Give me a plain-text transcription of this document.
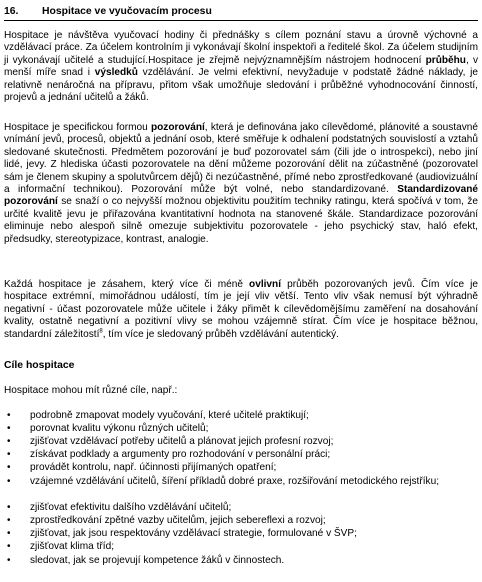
16. Hospitace ve vyučovacím procesu

Hospitace je návštěva vyučovací hodiny či přednášky s cílem poznání stavu a úrovně výchovné a vzdělávací práce. Za účelem kontrolním ji vykonávají školní inspektoři a ředitelé škol. Za účelem studijním ji vykonávají učitelé a studující.Hospitace je zřejmě nejvýznamnějším nástrojem hodnocení průběhu, v menší míře snad i výsledků vzdělávání. Je velmi efektivní, nevyžaduje v podstatě žádné náklady, je relativně nenáročná na přípravu, přitom však umožňuje sledování i průběžné vyhodnocování činností, projevů a jednání učitelů a žáků.

Hospitace je specifickou formou pozorování, která je definována jako cílevědomé, plánovité a soustavné vnímání jevů, procesů, objektů a jednání osob, které směřuje k odhalení podstatných souvislostí a vztahů sledované skutečnosti. Předmětem pozorování je buď pozorovatel sám (čili jde o introspekci), nebo jiní lidé, jevy. Z hlediska účasti pozorovatele na dění můžeme pozorování dělit na zúčastněné (pozorovatel sám je členem skupiny a spolutvůrcem dějů) či nezúčastněné, přímé nebo zprostředkované (audiovizuální a informační technikou). Pozorování může být volné, nebo standardizované. Standardizované pozorování se snaží o co nejvyšší možnou objektivitu použitím techniky ratingu, která spočívá v tom, že určité kvalitě jevu je přiřazována kvantitativní hodnota na stanovené škále. Standardizace pozorování eliminuje nebo alespoň silně omezuje subjektivitu pozorovatele - jeho psychický stav, haló efekt, předsudky, stereotypizace, kontrast, analogie.

Každá hospitace je zásahem, který více či méně ovlivní průběh pozorovaných jevů. Čím více je hospitace extrémní, mimořádnou událostí, tím je její vliv větší. Tento vliv však nemusí být výhradně negativní - účast pozorovatele může učitele i žáky přimět k cílevědomějšímu zaměření na dosahování kvality, ostatně negativní a pozitivní vlivy se mohou vzájemně stírat. Čím více je hospitace běžnou, standardní záležitostí$^8$, tím více je sledovaný průběh vzdělávání autentický.

Cíle hospitace

Hospitace mohou mít různé cíle, např.:

• podrobně zmapovat modely vyučování, které učitelé praktikují;
• porovnat kvalitu výkonu různých učitelů;
• zjišťovat vzdělávací potřeby učitelů a plánovat jejich profesní rozvoj;
• získávat podklady a argumenty pro rozhodování v personální práci;
• provádět kontrolu, např. účinnosti přijímaných opatření;
• vzájemné vzdělávání učitelů, šíření příkladů dobré praxe, rozšiřování metodického rejstříku;
• zjišťovat efektivitu dalšího vzdělávání učitelů;
• zprostředkování zpětné vazby učitelům, jejich sebereflexi a rozvoj;
• zjišťovat, jak jsou respektovány vzdělávací strategie, formulované v ŠVP;
• zjišťovat klima tříd;
• sledovat, jak se projevují kompetence žáků v činnostech.
